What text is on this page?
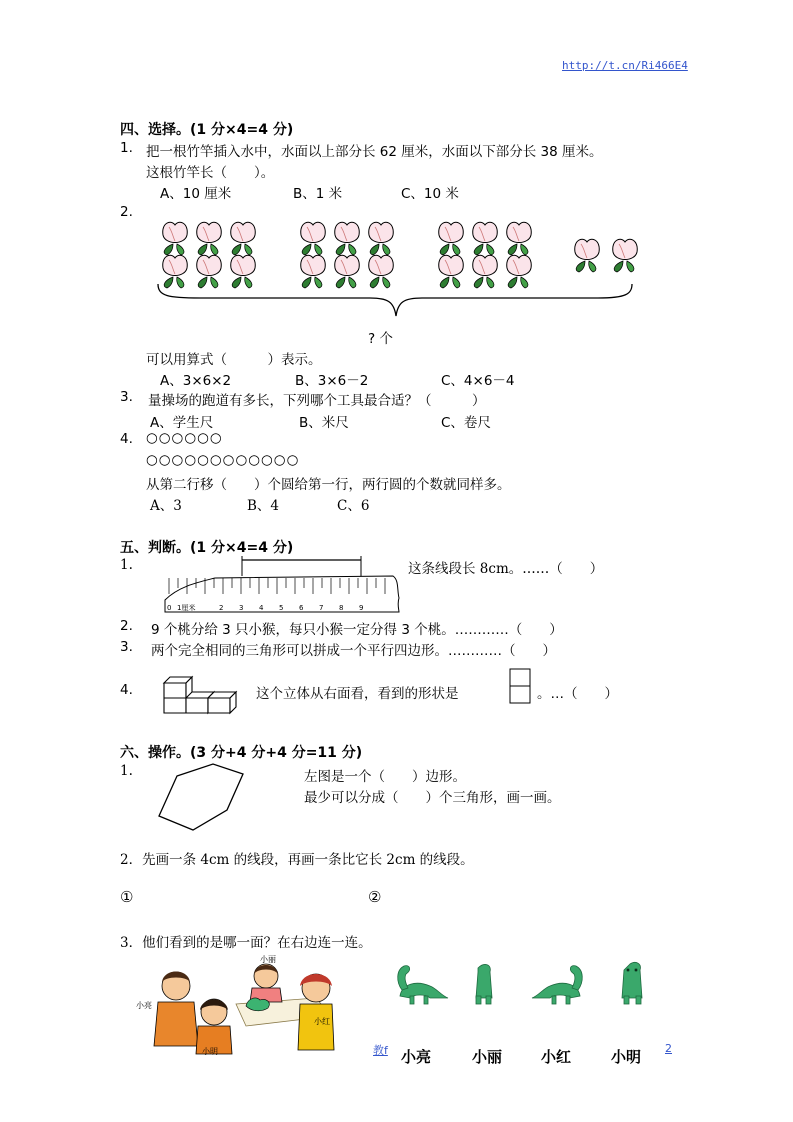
http://t.cn/Ri466E4
四、选择。(1 分×4=4 分)
1. 把一根竹竿插入水中，水面以上部分长 62 厘米，水面以下部分长 38 厘米。
这根竹竿长（　　）。
A、10 厘米	B、1 米	C、10 米
2.
? 个
可以用算式（　　　）表示。
A、3×6×2	B、3×6－2	C、4×6－4
3. 量操场的跑道有多长，下列哪个工具最合适？（　　　）
A、学生尺	B、米尺	C、卷尺
4. ○○○○○○
○○○○○○○○○○○○
从第二行移（　　）个圆给第一行，两行圆的个数就同样多。
A、3	B、4	C、6
五、判断。(1 分×4=4 分)
1.
0 1厘米	2 3 4 5 6 7 8 9
这条线段长 8cm。……（　　）
2. 9 个桃分给 3 只小猴，每只小猴一定分得 3 个桃。…………（　　）
3. 两个完全相同的三角形可以拼成一个平行四边形。…………（　　）
4.	这个立体从右面看，看到的形状是	。…（　　）
六、操作。(3 分+4 分+4 分=11 分)
1.	左图是一个（　　）边形。
最少可以分成（　　）个三角形，画一画。
2．先画一条 4cm 的线段，再画一条比它长 2cm 的线段。
①	②
3．他们看到的是哪一面？在右边连一连。
小丽
小亮
小红
小明	教f 小亮	小丽	小红	小明 2
